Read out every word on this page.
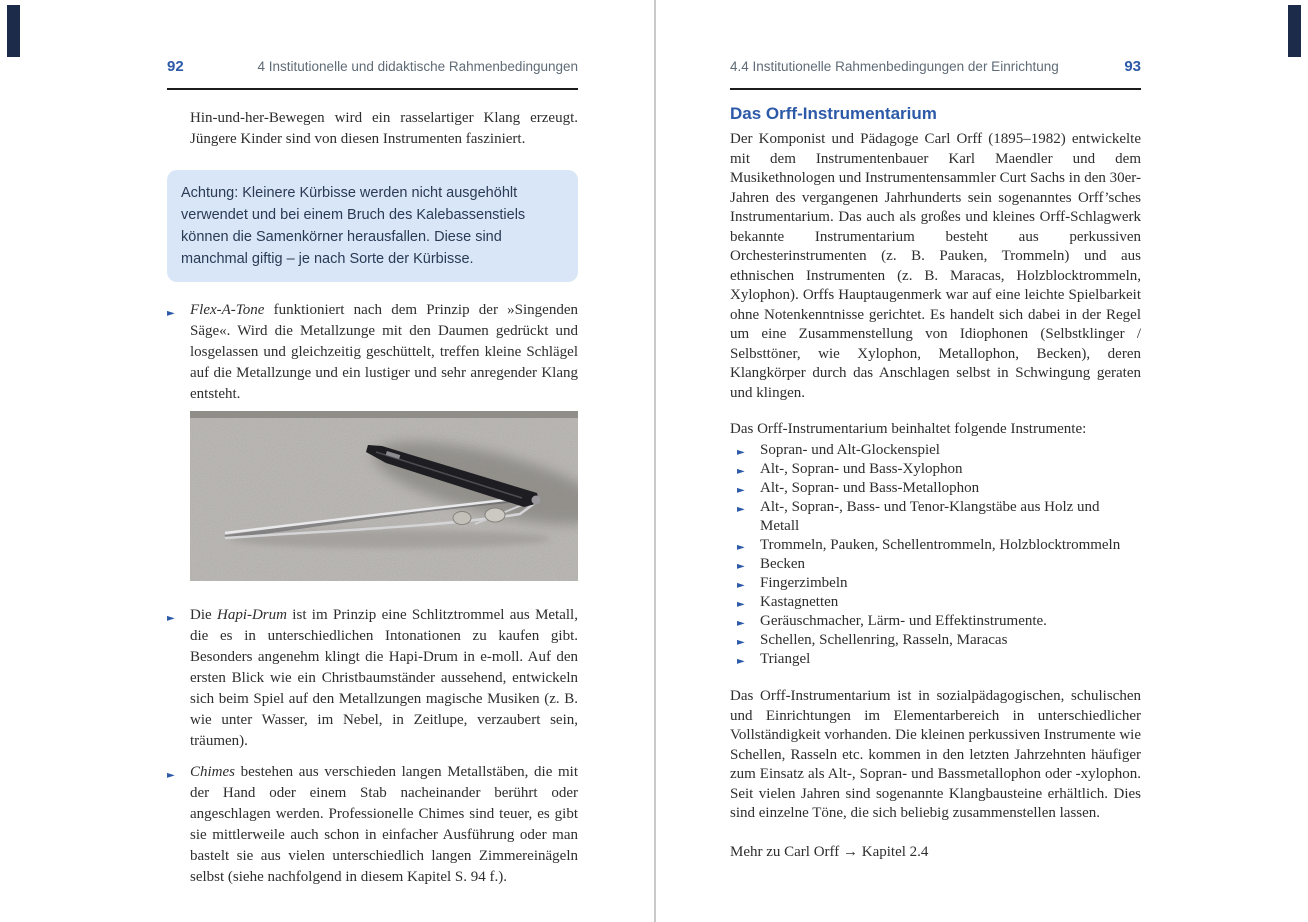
92	4 Institutionelle und didaktische Rahmenbedingungen

Hin-und-her-Bewegen wird ein rasselartiger Klang erzeugt. Jüngere Kinder sind von diesen Instrumenten fasziniert.

Achtung: Kleinere Kürbisse werden nicht ausgehöhlt verwendet und bei einem Bruch des Kalebassenstiels können die Samenkörner herausfallen. Diese sind manchmal giftig – je nach Sorte der Kürbisse.
► Flex-A-Tone funktioniert nach dem Prinzip der »Singenden Säge«. Wird die Metallzunge mit den Daumen gedrückt und losgelassen und gleichzeitig geschüttelt, treffen kleine Schlägel auf die Metallzunge und ein lustiger und sehr anregender Klang entsteht.
► Die Hapi-Drum ist im Prinzip eine Schlitztrommel aus Metall, die es in unterschiedlichen Intonationen zu kaufen gibt. Besonders angenehm klingt die Hapi-Drum in e-moll. Auf den ersten Blick wie ein Christbaumständer aussehend, entwickeln sich beim Spiel auf den Metallzungen magische Musiken (z. B. wie unter Wasser, im Nebel, in Zeitlupe, verzaubert sein, träumen).
► Chimes bestehen aus verschieden langen Metallstäben, die mit der Hand oder einem Stab nacheinander berührt oder angeschlagen werden. Professionelle Chimes sind teuer, es gibt sie mittlerweile auch schon in einfacher Ausführung oder man bastelt sie aus vielen unterschiedlich langen Zimmereinägeln selbst (siehe nachfolgend in diesem Kapitel S. 94 f.).
4.4 Institutionelle Rahmenbedingungen der Einrichtung	93
Das Orff-Instrumentarium

Der Komponist und Pädagoge Carl Orff (1895–1982) entwickelte mit dem Instrumentenbauer Karl Maendler und dem Musikethnologen und Instrumentensammler Curt Sachs in den 30er-Jahren des vergangenen Jahrhunderts sein sogenanntes Orff’sches Instrumentarium. Das auch als großes und kleines Orff-Schlagwerk bekannte Instrumentarium besteht aus perkussiven Orchesterinstrumenten (z. B. Pauken, Trommeln) und aus ethnischen Instrumenten (z. B. Maracas, Holzblocktrommeln, Xylophon). Orffs Hauptaugenmerk war auf eine leichte Spielbarkeit ohne Notenkenntnisse gerichtet. Es handelt sich dabei in der Regel um eine Zusammenstellung von Idiophonen (Selbstklinger / Selbsttöner, wie Xylophon, Metallophon, Becken), deren Klangkörper durch das Anschlagen selbst in Schwingung geraten und klingen.

Das Orff-Instrumentarium beinhaltet folgende Instrumente:

► Sopran- und Alt-Glockenspiel
► Alt-, Sopran- und Bass-Xylophon
► Alt-, Sopran- und Bass-Metallophon
► Alt-, Sopran-, Bass- und Tenor-Klangstäbe aus Holz und Metall
► Trommeln, Pauken, Schellentrommeln, Holzblocktrommeln
► Becken
► Fingerzimbeln
► Kastagnetten
► Geräuschmacher, Lärm- und Effektinstrumente.
► Schellen, Schellenring, Rasseln, Maracas
► Triangel

Das Orff-Instrumentarium ist in sozialpädagogischen, schulischen und Einrichtungen im Elementarbereich in unterschiedlicher Vollständigkeit vorhanden. Die kleinen perkussiven Instrumente wie Schellen, Rasseln etc. kommen in den letzten Jahrzehnten häufiger zum Einsatz als Alt-, Sopran- und Bassmetallophon oder -xylophon. Seit vielen Jahren sind sogenannte Klangbausteine erhältlich. Dies sind einzelne Töne, die sich beliebig zusammenstellen lassen.

Mehr zu Carl Orff → Kapitel 2.4
